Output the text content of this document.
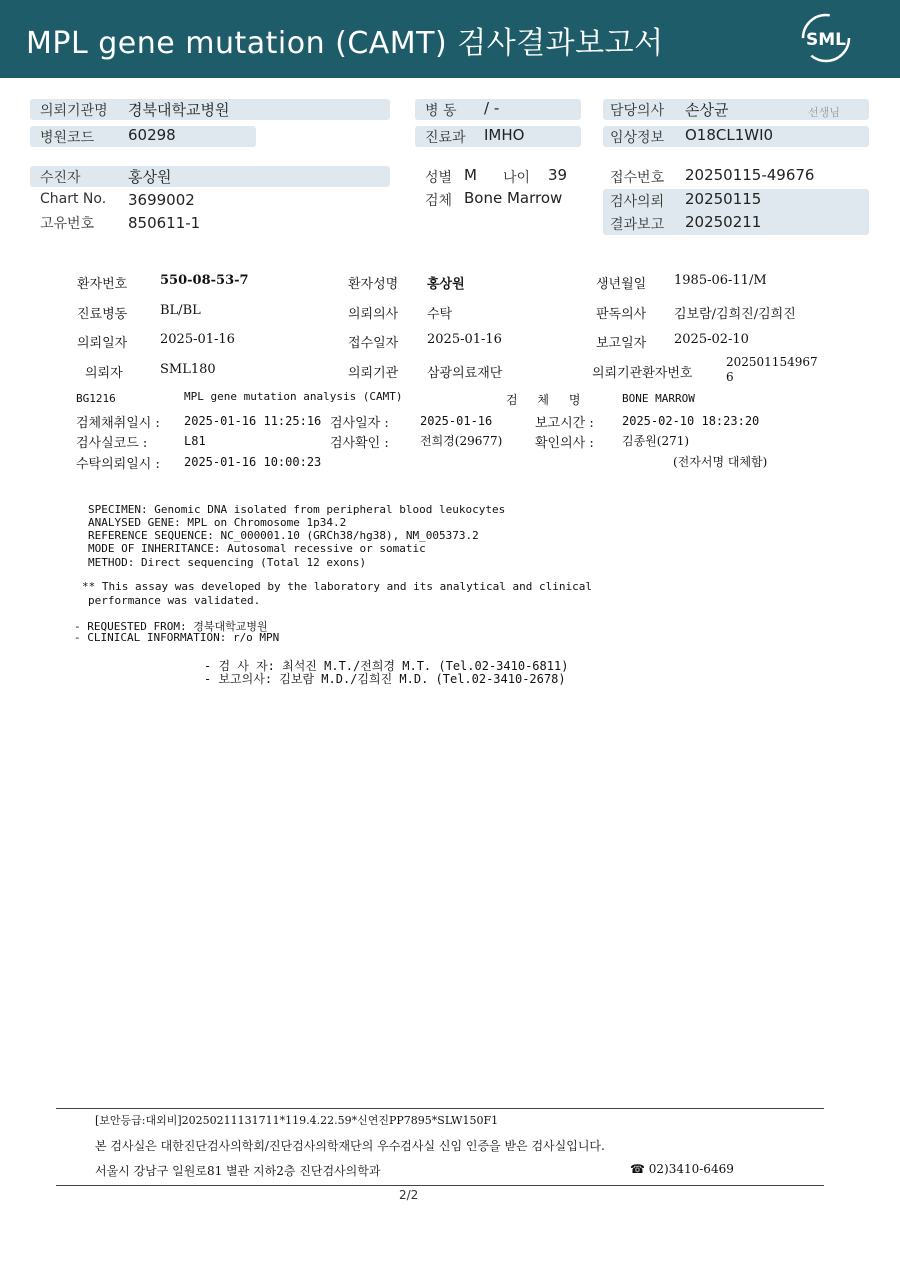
MPL gene mutation (CAMT) 검사결과보고서	SML
의뢰기관명 경북대학교병원
병원코드 60298
병 동 / -
진료과 IMHO
담당의사 손상균	선생님
임상정보 O18CL1WI0
수진자	홍상원
Chart No. 3699002
고유번호 850611-1
성별 M 나이 39
검체 Bone Marrow
접수번호 20250115-49676
검사의뢰 20250115
결과보고 20250211
환자번호	550-08-53-7	환자성명 홍상원	생년월일 1985-06-11/M
진료병동	BL/BL	의뢰의사 수탁	판독의사 김보람/김희진/김희진
의뢰일자	2025-01-16	접수일자 2025-01-16	보고일자 2025-02-10
의뢰자	SML180	의뢰기관 삼광의료재단	의뢰기관환자번호
202501154967
6
BG1216	MPL gene mutation analysis (CAMT)	검 체 명	BONE MARROW
검체채취일시 : 2025-01-16 11:25:16 검사일자 :	2025-01-16	보고시간 : 2025-02-10 18:23:20
검사실코드 :	L81	검사확인 :	전희경(29677)	확인의사 : 김종원(271)
수탁의뢰일시 : 2025-01-16 10:00:23	(전자서명 대체함)
SPECIMEN: Genomic DNA isolated from peripheral blood leukocytes
ANALYSED GENE: MPL on Chromosome 1p34.2
REFERENCE SEQUENCE: NC_000001.10 (GRCh38/hg38), NM_005373.2
MODE OF INHERITANCE: Autosomal recessive or somatic
METHOD: Direct sequencing (Total 12 exons)
** This assay was developed by the laboratory and its analytical and clinical
performance was validated.
- REQUESTED FROM: 경북대학교병원
- CLINICAL INFORMATION: r/o MPN
- 검 사 자: 최석진 M.T./전희경 M.T. (Tel.02-3410-6811)
- 보고의사: 김보람 M.D./김희진 M.D. (Tel.02-3410-2678)
[보안등급:대외비]20250211131711*119.4.22.59*신연진PP7895*SLW150F1
본 검사실은 대한진단검사의학회/진단검사의학재단의 우수검사실 신임 인증을 받은 검사실입니다.
서울시 강남구 일원로81 별관 지하2층 진단검사의학과	☎ 02)3410-6469
2/2
